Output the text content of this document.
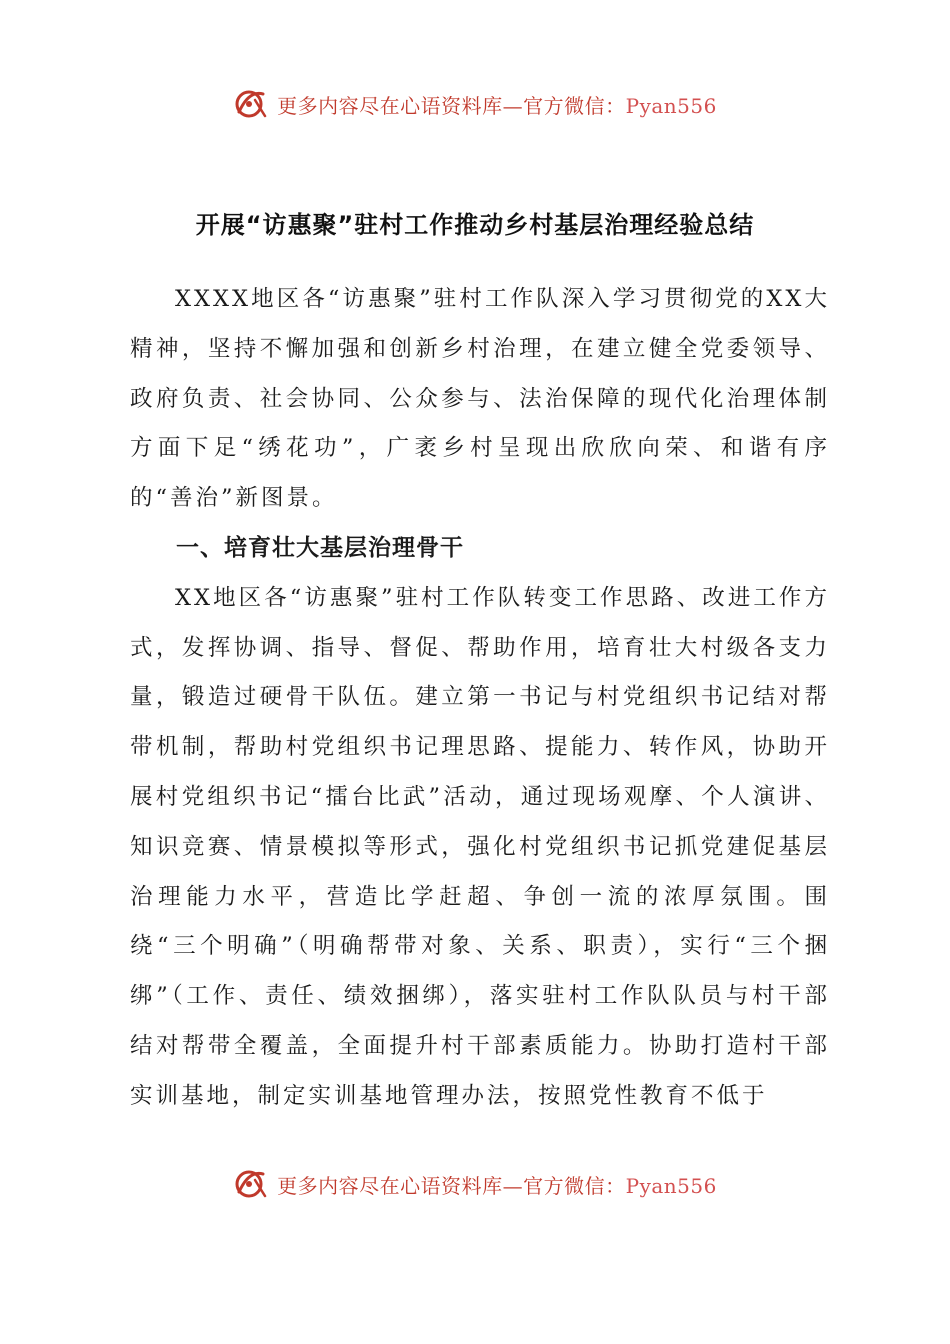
更多内容尽在心语资料库—官方微信：Pyan556
开展“访惠聚”驻村工作推动乡村基层治理经验总结

XXXX地区各“访惠聚”驻村工作队深入学习贯彻党的XX大精神，坚持不懈加强和创新乡村治理，在建立健全党委领导、政府负责、社会协同、公众参与、法治保障的现代化治理体制方面下足“绣花功”，广袤乡村呈现出欣欣向荣、和谐有序的“善治”新图景。

一、培育壮大基层治理骨干

XX地区各“访惠聚”驻村工作队转变工作思路、改进工作方式，发挥协调、指导、督促、帮助作用，培育壮大村级各支力量，锻造过硬骨干队伍。建立第一书记与村党组织书记结对帮带机制，帮助村党组织书记理思路、提能力、转作风，协助开展村党组织书记“擂台比武”活动，通过现场观摩、个人演讲、知识竞赛、情景模拟等形式，强化村党组织书记抓党建促基层治理能力水平，营造比学赶超、争创一流的浓厚氛围。围绕“三个明确”（明确帮带对象、关系、职责），实行“三个捆绑”（工作、责任、绩效捆绑），落实驻村工作队队员与村干部结对帮带全覆盖，全面提升村干部素质能力。协助打造村干部实训基地，制定实训基地管理办法，按照党性教育不低于

更多内容尽在心语资料库—官方微信：Pyan556
